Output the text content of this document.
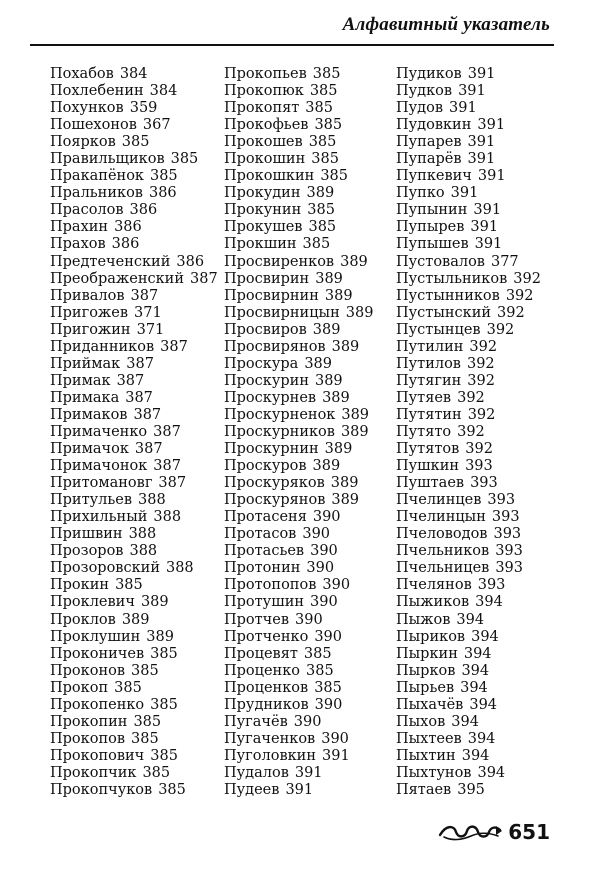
Алфавитный указатель
Похабов 384
Похлебенин 384
Похунков 359
Пошехонов 367
Поярков 385
Правильщиков 385
Пракапёнок 385
Пральников 386
Прасолов 386
Прахин 386
Прахов 386
Предтеченский 386
Преображенский 387
Привалов 387
Пригожев 371
Пригожин 371
Приданников 387
Приймак 387
Примак 387
Примака 387
Примаков 387
Примаченко 387
Примачок 387
Примачонок 387
Притомановг 387
Притульев 388
Прихильный 388
Пришвин 388
Прозоров 388
Прозоровский 388
Прокин 385
Проклевич 389
Проклов 389
Проклушин 389
Проконичев 385
Проконов 385
Прокоп 385
Прокопенко 385
Прокопин 385
Прокопов 385
Прокопович 385
Прокопчик 385
Прокопчуков 385
Прокопьев 385
Прокопюк 385
Прокопят 385
Прокофьев 385
Прокошев 385
Прокошин 385
Прокошкин 385
Прокудин 389
Прокунин 385
Прокушев 385
Прокшин 385
Просвиренков 389
Просвирин 389
Просвирнин 389
Просвирницын 389
Просвиров 389
Просвирянов 389
Проскура 389
Проскурин 389
Проскурнев 389
Проскурненок 389
Проскурников 389
Проскурнин 389
Проскуров 389
Проскуряков 389
Проскурянов 389
Протасеня 390
Протасов 390
Протасьев 390
Протонин 390
Протопопов 390
Протушин 390
Протчев 390
Протченко 390
Процевят 385
Проценко 385
Проценков 385
Прудников 390
Пугачёв 390
Пугаченков 390
Пуголовкин 391
Пудалов 391
Пудеев 391
Пудиков 391
Пудков 391
Пудов 391
Пудовкин 391
Пупарев 391
Пупарёв 391
Пупкевич 391
Пупко 391
Пупынин 391
Пупырев 391
Пупышев 391
Пустовалов 377
Пустыльников 392
Пустынников 392
Пустынский 392
Пустынцев 392
Путилин 392
Путилов 392
Путягин 392
Путяев 392
Путятин 392
Путято 392
Путятов 392
Пушкин 393
Пуштаев 393
Пчелинцев 393
Пчелинцын 393
Пчеловодов 393
Пчельников 393
Пчельницев 393
Пчелянов 393
Пыжиков 394
Пыжов 394
Пыриков 394
Пыркин 394
Пырков 394
Пырьев 394
Пыхачёв 394
Пыхов 394
Пыхтеев 394
Пыхтин 394
Пыхтунов 394
Пятаев 395
651
